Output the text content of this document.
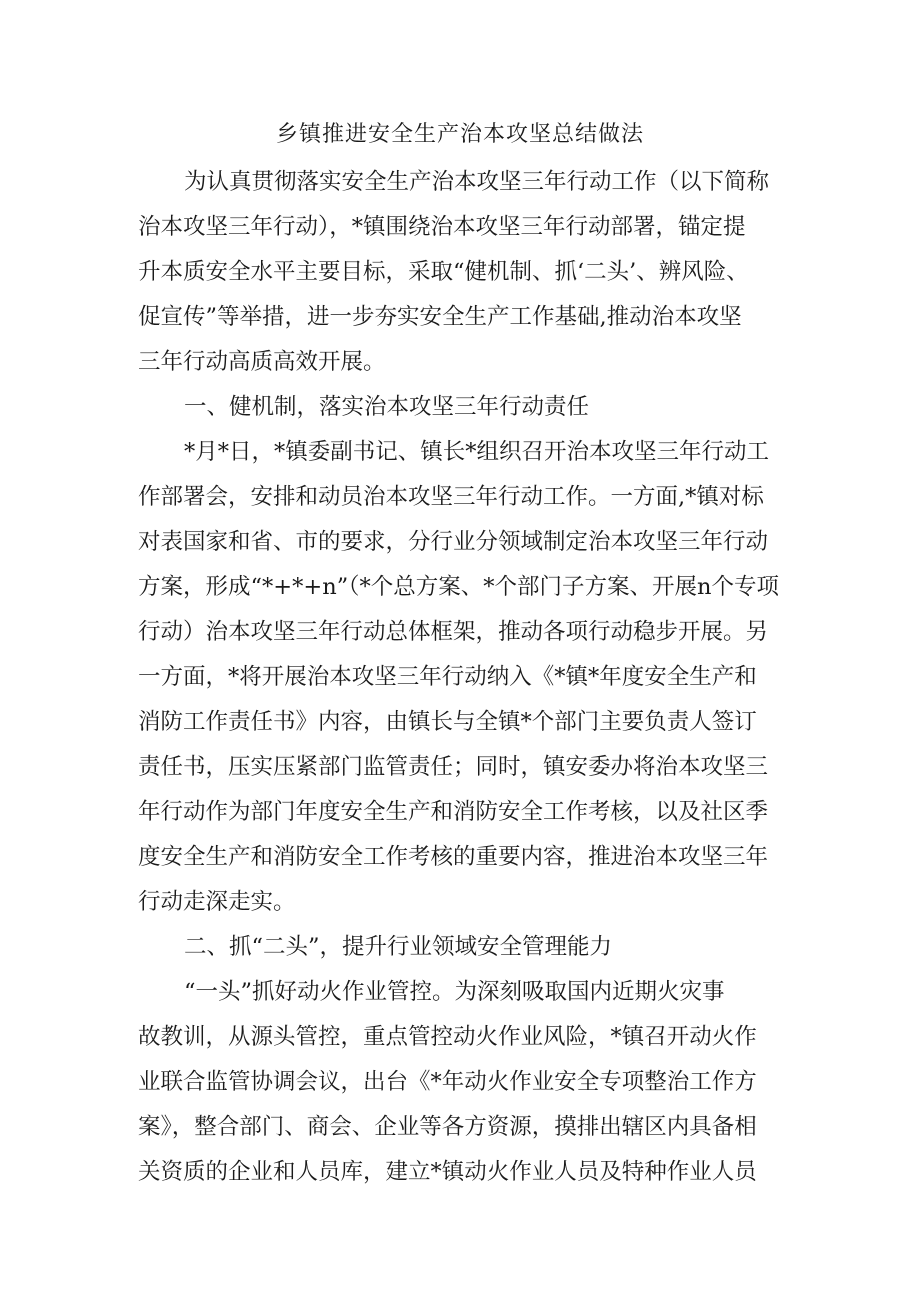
乡镇推进安全生产治本攻坚总结做法
为认真贯彻落实安全生产治本攻坚三年行动工作（以下简称
治本攻坚三年行动），*镇围绕治本攻坚三年行动部署，锚定提
升本质安全水平主要目标，采取“健机制、抓‘二头’、辨风险、
促宣传”等举措，进一步夯实安全生产工作基础,推动治本攻坚
三年行动高质高效开展。
一、健机制，落实治本攻坚三年行动责任
*月*日，*镇委副书记、镇长*组织召开治本攻坚三年行动工
作部署会，安排和动员治本攻坚三年行动工作。一方面,*镇对标
对表国家和省、市的要求，分行业分领域制定治本攻坚三年行动
方案，形成“*+*+n”（*个总方案、*个部门子方案、开展n个专项
行动）治本攻坚三年行动总体框架，推动各项行动稳步开展。另
一方面，*将开展治本攻坚三年行动纳入《*镇*年度安全生产和
消防工作责任书》内容，由镇长与全镇*个部门主要负责人签订
责任书，压实压紧部门监管责任；同时，镇安委办将治本攻坚三
年行动作为部门年度安全生产和消防安全工作考核，以及社区季
度安全生产和消防安全工作考核的重要内容，推进治本攻坚三年
行动走深走实。
二、抓“二头”，提升行业领域安全管理能力
“一头”抓好动火作业管控。为深刻吸取国内近期火灾事
故教训，从源头管控，重点管控动火作业风险，*镇召开动火作
业联合监管协调会议，出台《*年动火作业安全专项整治工作方
案》，整合部门、商会、企业等各方资源，摸排出辖区内具备相
关资质的企业和人员库，建立*镇动火作业人员及特种作业人员
